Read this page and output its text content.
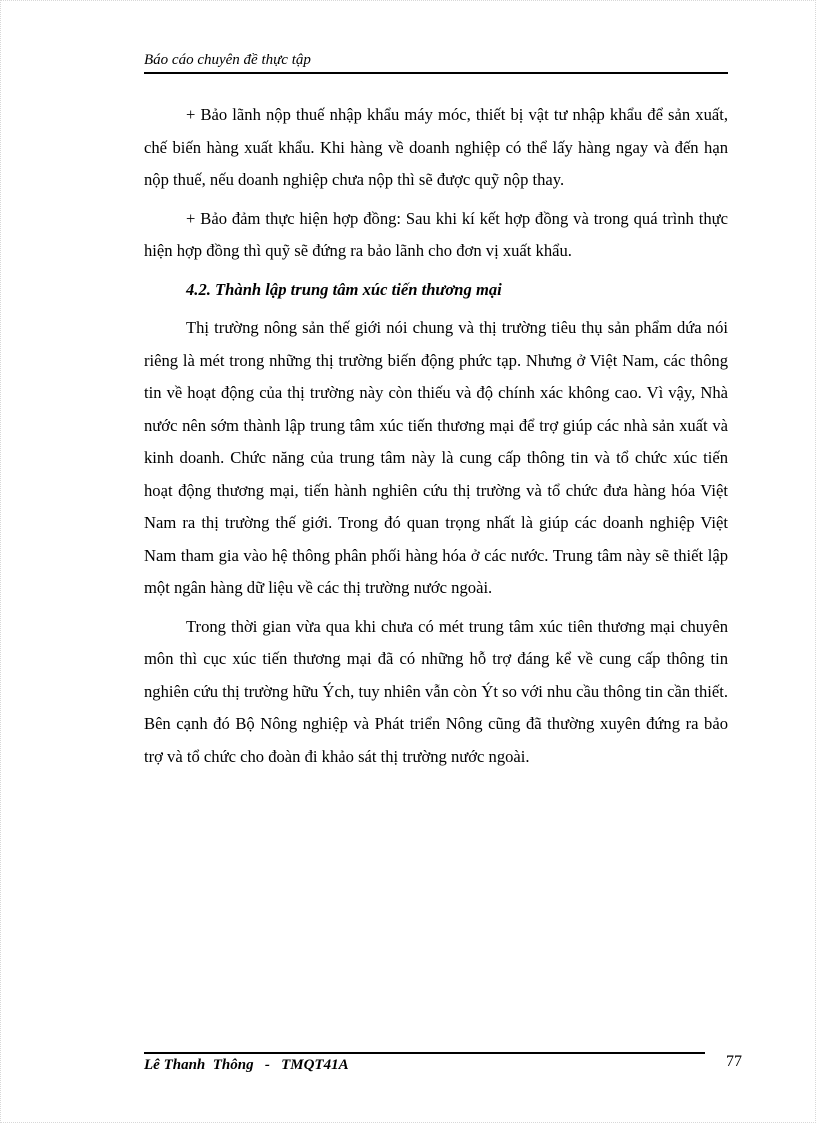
Báo cáo chuyên đề thực tập

+ Bảo lãnh nộp thuế nhập khẩu máy móc, thiết bị vật tư nhập khẩu để sản xuất, chế biến hàng xuất khẩu. Khi hàng về doanh nghiệp có thể lấy hàng ngay và đến hạn nộp thuế, nếu doanh nghiệp chưa nộp thì sẽ được quỹ nộp thay.

+ Bảo đảm thực hiện hợp đồng: Sau khi kí kết hợp đồng và trong quá trình thực hiện hợp đồng thì quỹ sẽ đứng ra bảo lãnh cho đơn vị xuất khẩu.

4.2. Thành lập trung tâm xúc tiến thương mại

Thị trường nông sản thế giới nói chung và thị trường tiêu thụ sản phẩm dứa nói riêng là mét trong những thị trường biến động phức tạp. Nhưng ở Việt Nam, các thông tin về hoạt động của thị trường này còn thiếu và độ chính xác không cao. Vì vậy, Nhà nước nên sớm thành lập trung tâm xúc tiến thương mại để trợ giúp các nhà sản xuất và kinh doanh. Chức năng của trung tâm này là cung cấp thông tin và tổ chức xúc tiến hoạt động thương mại, tiến hành nghiên cứu thị trường và tổ chức đưa hàng hóa Việt Nam ra thị trường thế giới. Trong đó quan trọng nhất là giúp các doanh nghiệp Việt Nam tham gia vào hệ thông phân phối hàng hóa ở các nước. Trung tâm này sẽ thiết lập một ngân hàng dữ liệu về các thị trường nước ngoài.

Trong thời gian vừa qua khi chưa có mét trung tâm xúc tiên thương mại chuyên môn thì cục xúc tiến thương mại đã có những hỗ trợ đáng kể về cung cấp thông tin nghiên cứu thị trường hữu Ých, tuy nhiên vẫn còn Ýt so với nhu cầu thông tin cần thiết. Bên cạnh đó Bộ Nông nghiệp và Phát triển Nông cũng đã thường xuyên đứng ra bảo trợ và tổ chức cho đoàn đi khảo sát thị trường nước ngoài.

Lê Thanh  Thông   -   TMQT41A	77
